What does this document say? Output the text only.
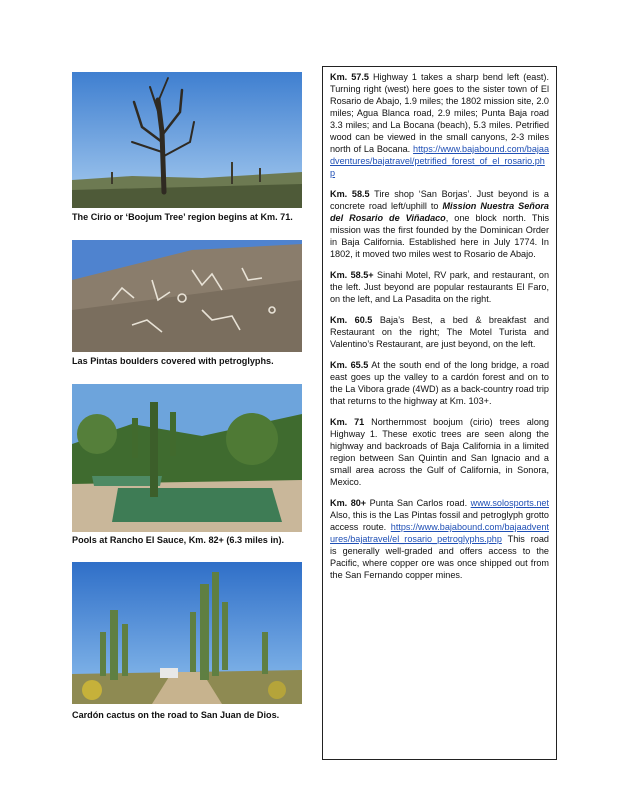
The Cirio or ‘Boojum Tree’ region begins at Km. 71.
Las Pintas boulders covered with petroglyphs.
Pools at Rancho El Sauce, Km. 82+ (6.3 miles in).
Cardón cactus on the road to San Juan de Dios.

Km. 57.5 Highway 1 takes a sharp bend left (east). Turning right (west) here goes to the sister town of El Rosario de Abajo, 1.9 miles; the 1802 mission site, 2.0 miles; Agua Blanca road, 2.9 miles; Punta Baja road 3.3 miles; and La Bocana (beach), 5.3 miles. Petrified wood can be viewed in the small canyons, 2-3 miles north of La Bocana. https://www.bajabound.com/bajaadventures/bajatravel/petrified_forest_of_el_rosario.php

Km. 58.5 Tire shop ‘San Borjas’. Just beyond is a concrete road left/uphill to Mission Nuestra Señora del Rosario de Viñadaco, one block north. This mission was the first founded by the Dominican Order in Baja California. Established here in July 1774. In 1802, it moved two miles west to Rosario de Abajo.

Km. 58.5+ Sinahi Motel, RV park, and restaurant, on the left. Just beyond are popular restaurants El Faro, on the left, and La Pasadita on the right.

Km. 60.5 Baja’s Best, a bed & breakfast and Restaurant on the right; The Motel Turista and Valentino’s Restaurant, are just beyond, on the left.

Km. 65.5 At the south end of the long bridge, a road east goes up the valley to a cardón forest and on to the La Vibora grade (4WD) as a back-country road trip that returns to the highway at Km. 103+.

Km. 71 Northernmost boojum (cirio) trees along Highway 1. These exotic trees are seen along the highway and backroads of Baja California in a limited region between San Quintin and San Ignacio and a small area across the Gulf of California, in Sonora, Mexico.

Km. 80+ Punta San Carlos road. www.solosports.net Also, this is the Las Pintas fossil and petroglyph grotto access route. https://www.bajabound.com/bajaadventures/bajatravel/el_rosario_petroglyphs.php This road is generally well-graded and offers access to the Pacific, where copper ore was once shipped out from the San Fernando copper mines.
